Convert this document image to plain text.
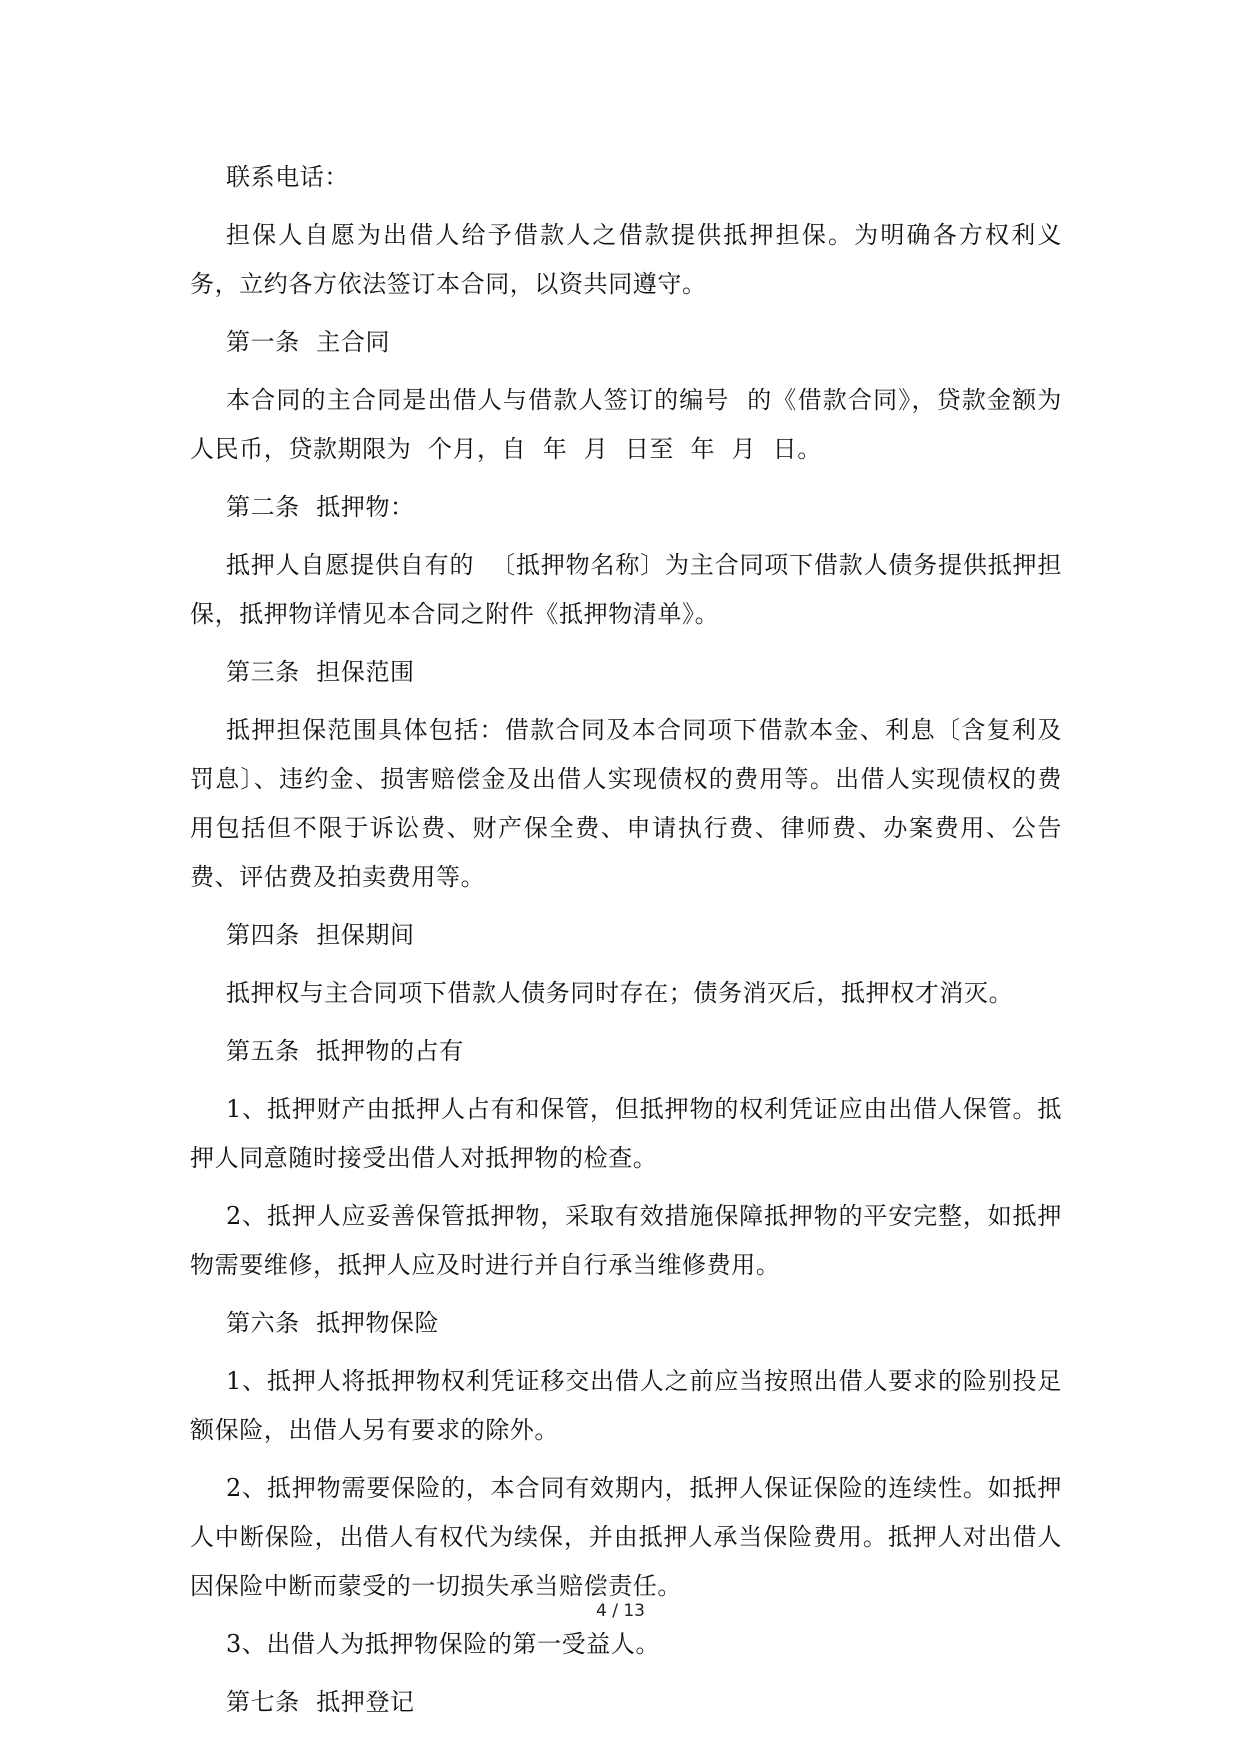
联系电话：

担保人自愿为出借人给予借款人之借款提供抵押担保。为明确各方权利义务，立约各方依法签订本合同，以资共同遵守。

第一条  主合同

本合同的主合同是出借人与借款人签订的编号  的《借款合同》，贷款金额为人民币，贷款期限为  个月，自  年  月  日至  年  月  日。

第二条  抵押物：

抵押人自愿提供自有的  〔抵押物名称〕为主合同项下借款人债务提供抵押担保，抵押物详情见本合同之附件《抵押物清单》。

第三条  担保范围

抵押担保范围具体包括：借款合同及本合同项下借款本金、利息〔含复利及罚息〕、违约金、损害赔偿金及出借人实现债权的费用等。出借人实现债权的费用包括但不限于诉讼费、财产保全费、申请执行费、律师费、办案费用、公告费、评估费及拍卖费用等。

第四条  担保期间

抵押权与主合同项下借款人债务同时存在；债务消灭后，抵押权才消灭。

第五条  抵押物的占有

1、抵押财产由抵押人占有和保管，但抵押物的权利凭证应由出借人保管。抵押人同意随时接受出借人对抵押物的检查。

2、抵押人应妥善保管抵押物，采取有效措施保障抵押物的平安完整，如抵押物需要维修，抵押人应及时进行并自行承当维修费用。

第六条  抵押物保险

1、抵押人将抵押物权利凭证移交出借人之前应当按照出借人要求的险别投足额保险，出借人另有要求的除外。

2、抵押物需要保险的，本合同有效期内，抵押人保证保险的连续性。如抵押人中断保险，出借人有权代为续保，并由抵押人承当保险费用。抵押人对出借人因保险中断而蒙受的一切损失承当赔偿责任。

3、出借人为抵押物保险的第一受益人。

第七条  抵押登记

4 / 13
